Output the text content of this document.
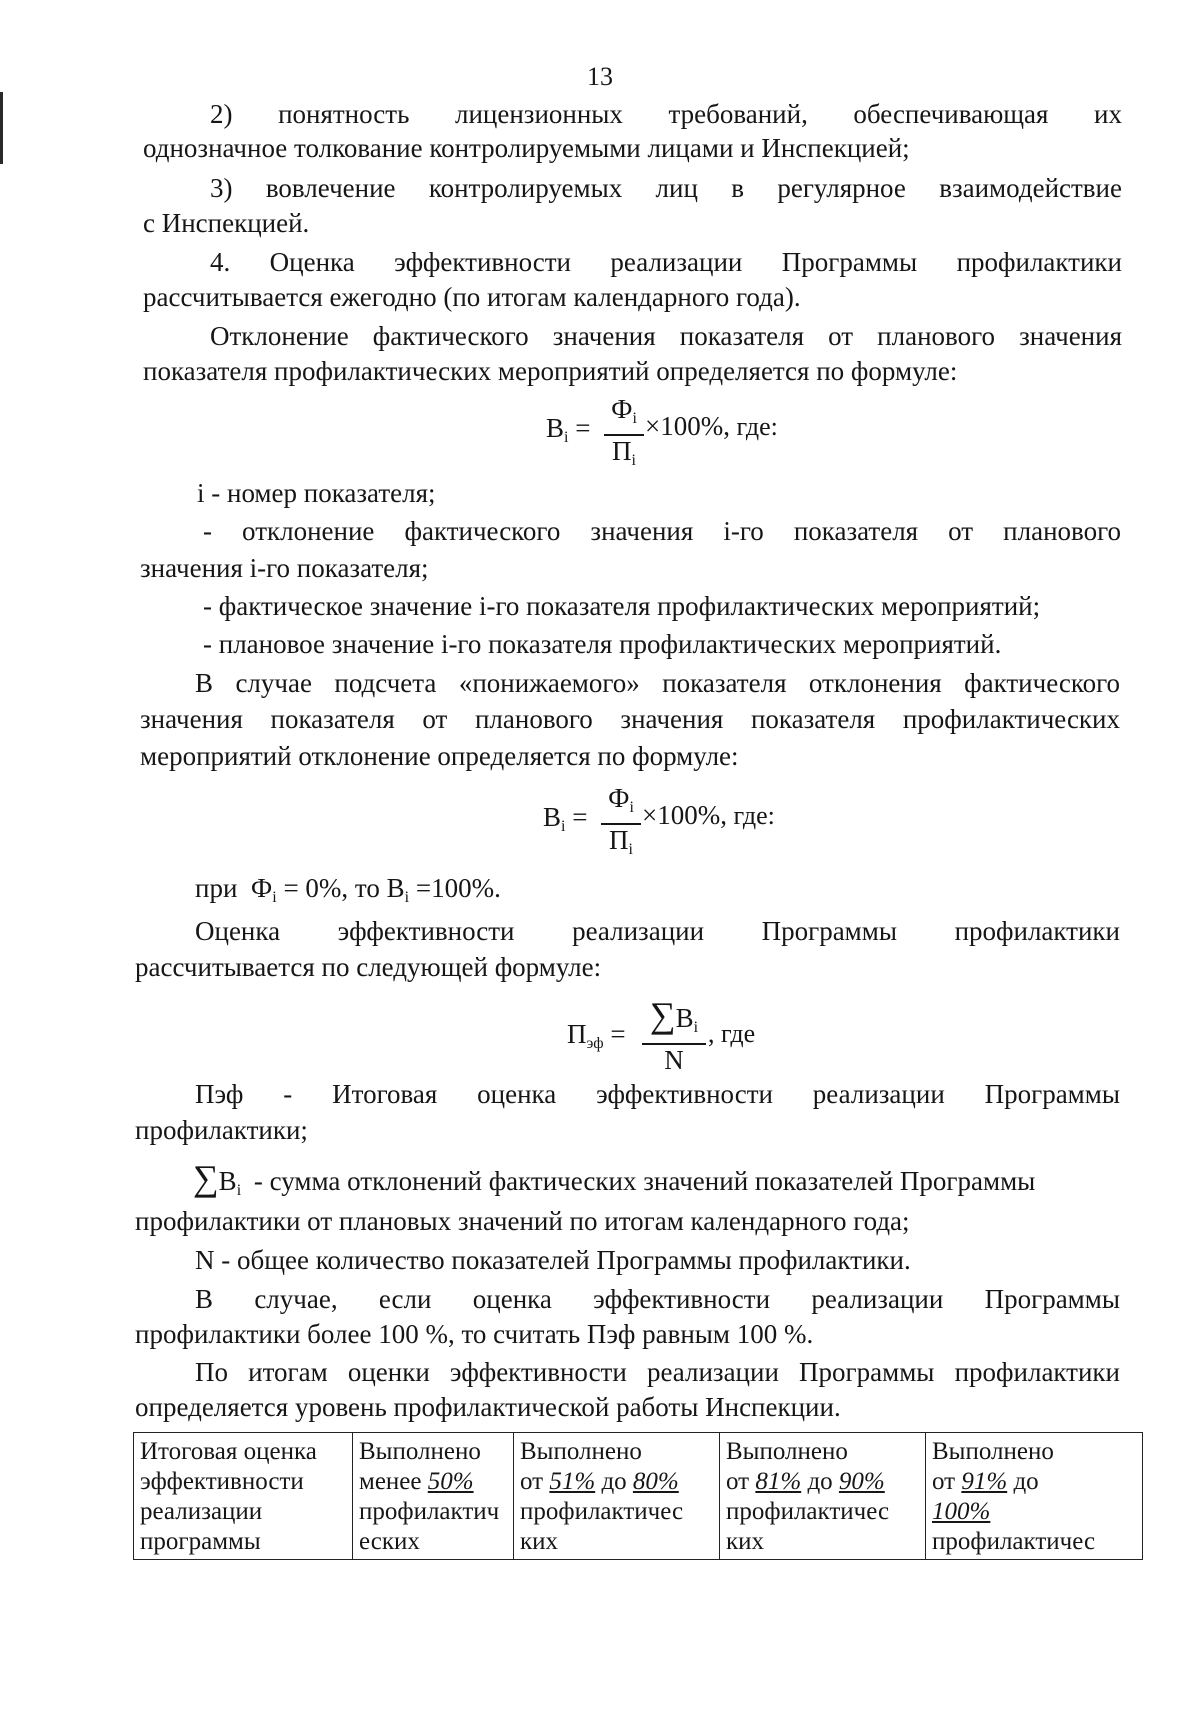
13
2) понятность лицензионных требований, обеспечивающая их
однозначное толкование контролируемыми лицами и Инспекцией;
3) вовлечение контролируемых лиц в регулярное взаимодействие
с Инспекцией.
4. Оценка эффективности реализации Программы профилактики
рассчитывается ежегодно (по итогам календарного года).
Отклонение фактического значения показателя от планового значения
показателя профилактических мероприятий определяется по формуле:
$В_i$ =
$Ф_i$
$П_i$
×100%, где:
i - номер показателя;
- отклонение фактического значения i-го показателя от планового
значения i-го показателя;
- фактическое значение i-го показателя профилактических мероприятий;
- плановое значение i-го показателя профилактических мероприятий.
В случае подсчета «понижаемого» показателя отклонения фактического
значения показателя от планового значения показателя профилактических
мероприятий отклонение определяется по формуле:
$В_i$ =
$Ф_i$
$П_i$
×100%, где:
при $Ф_i = 0\%$, то $В_i =100\%$.
Оценка эффективности реализации Программы профилактики
рассчитывается по следующей формуле:
$П_{эф} = \sum В_i$
N
, где
Пэф - Итоговая оценка эффективности реализации Программы
профилактики;
$\sum В_i$ - сумма отклонений фактических значений показателей Программы
профилактики от плановых значений по итогам календарного года;
N - общее количество показателей Программы профилактики.
В случае, если оценка эффективности реализации Программы
профилактики более 100 %, то считать Пэф равным 100 %.
По итогам оценки эффективности реализации Программы профилактики
определяется уровень профилактической работы Инспекции.
Итоговая оценка
эффективности
реализации
программы

Выполнено
менее 50%
профилактич
еских

Выполнено
от 51% до 80%
профилактичес
ких

Выполнено
от 81% до 90%
профилактичес
ких

Выполнено
от 91% до
100%
профилактичес
